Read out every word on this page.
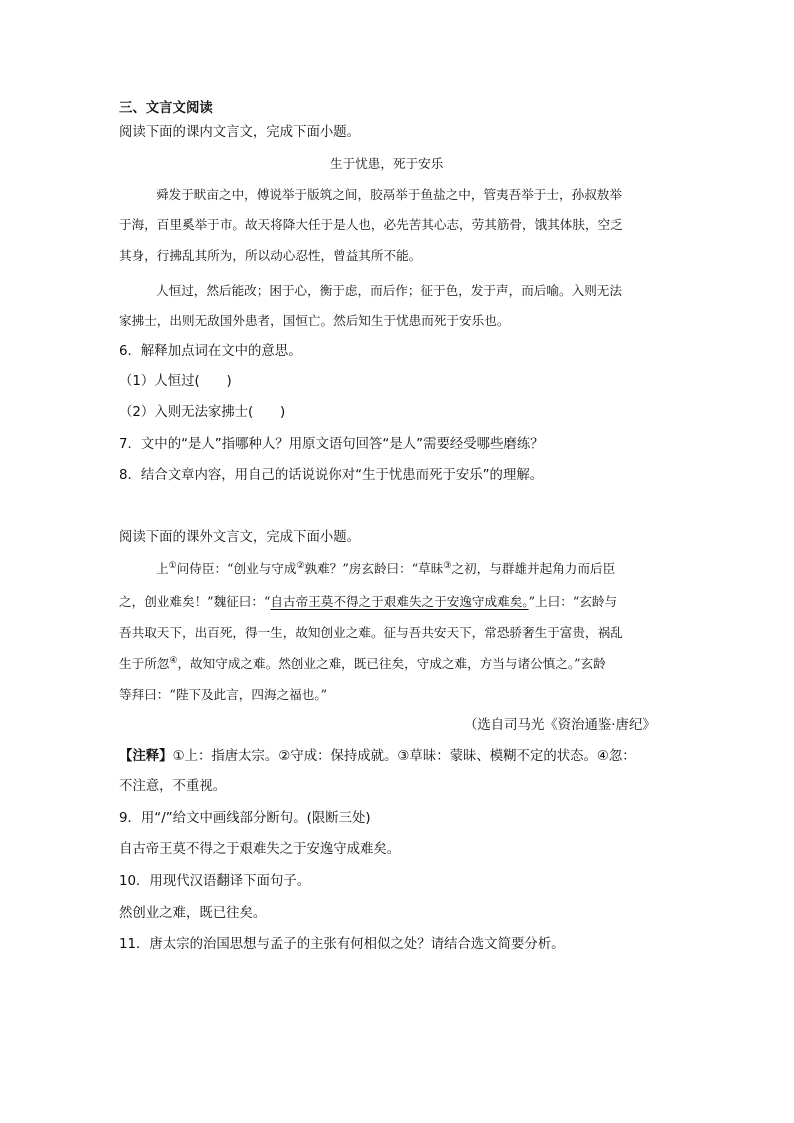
三、文言文阅读
阅读下面的课内文言文，完成下面小题。
生于忧患，死于安乐
舜发于畎亩之中，傅说举于版筑之间，胶鬲举于鱼盐之中，管夷吾举于士，孙叔敖举
于海，百里奚举于市。故天将降大任于是人也，必先苦其心志，劳其筋骨，饿其体肤，空乏
其身，行拂乱其所为，所以动心忍性，曾益其所不能。
人恒过，然后能改；困于心，衡于虑，而后作；征于色，发于声，而后喻。入则无法
家拂士，出则无敌国外患者，国恒亡。然后知生于忧患而死于安乐也。
6．解释加点词在文中的意思。
（1）人恒过(　　)
（2）入则无法家拂士(　　)
7．文中的“是人”指哪种人？用原文语句回答“是人”需要经受哪些磨练？
8．结合文章内容，用自己的话说说你对“生于忧患而死于安乐”的理解。
阅读下面的课外文言文，完成下面小题。
上①问侍臣：“创业与守成②孰难？”房玄龄曰：“草昧③之初，与群雄并起角力而后臣
之，创业难矣！”魏征曰：“自古帝王莫不得之于艰难失之于安逸守成难矣。”上曰：“玄龄与
吾共取天下，出百死，得一生，故知创业之难。征与吾共安天下，常恐骄奢生于富贵，祸乱
生于所忽④，故知守成之难。然创业之难，既已往矣，守成之难，方当与诸公慎之。”玄龄
等拜曰：“陛下及此言，四海之福也。”
（选自司马光《资治通鉴·唐纪》
【注释】①上：指唐太宗。②守成：保持成就。③草昧：蒙昧、模糊不定的状态。④忽：
不注意，不重视。
9．用“/”给文中画线部分断句。(限断三处)
自古帝王莫不得之于艰难失之于安逸守成难矣。
10．用现代汉语翻译下面句子。
然创业之难，既已往矣。
11．唐太宗的治国思想与孟子的主张有何相似之处？请结合选文简要分析。
